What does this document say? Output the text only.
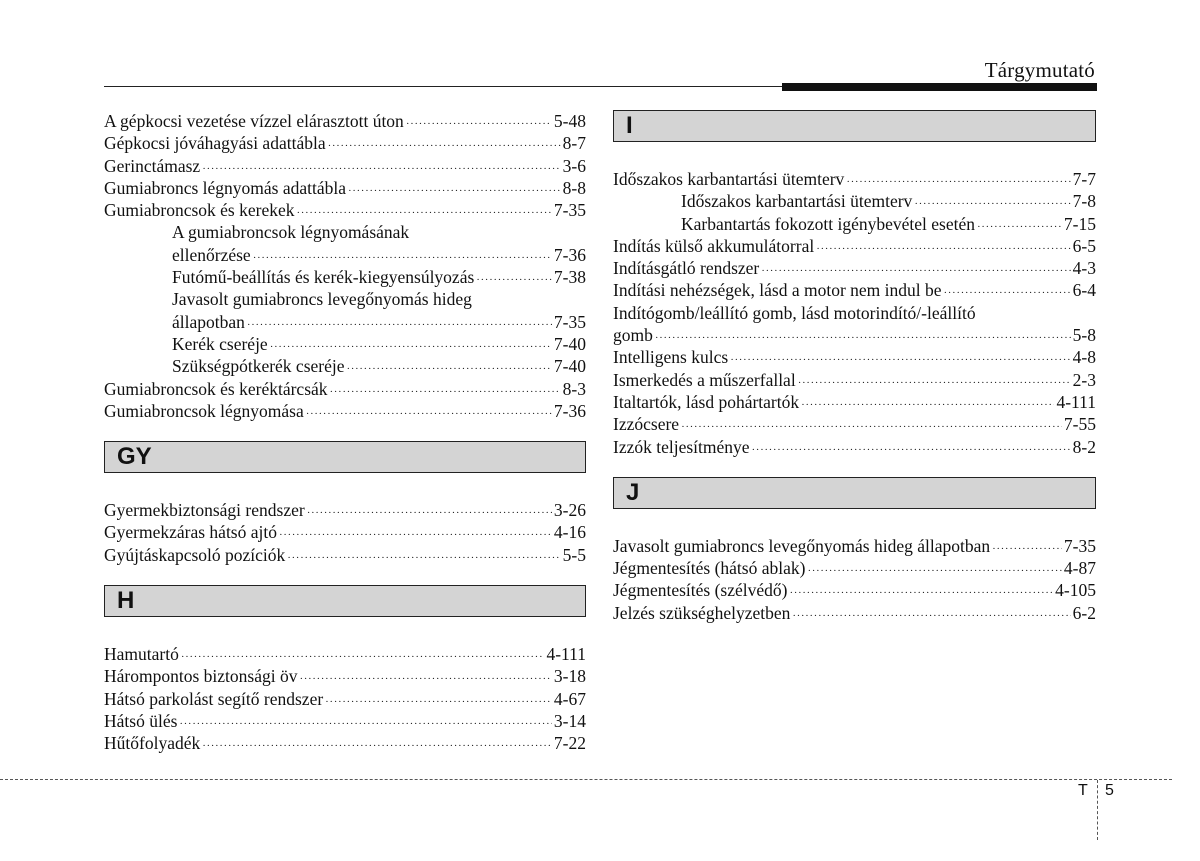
Tárgymutató
A gépkocsi vezetése vízzel elárasztott úton ·····	5-48
Gépkocsi jóváhagyási adattábla ·····	8-7
Gerinctámasz ·····	3-6
Gumiabroncs légnyomás adattábla ·····	8-8
Gumiabroncsok és kerekek ·····	7-35
A gumiabroncsok légnyomásának
ellenőrzése ·····	7-36
Futómű-beállítás és kerék-kiegyensúlyozás ·····	7-38
Javasolt gumiabroncs levegőnyomás hideg
állapotban ·····	7-35
Kerék cseréje ·····	7-40
Szükségpótkerék cseréje ·····	7-40
Gumiabroncsok és keréktárcsák ·····	8-3
Gumiabroncsok légnyomása ·····	7-36
GY
Gyermekbiztonsági rendszer ·····	3-26
Gyermekzáras hátsó ajtó ·····	4-16
Gyújtáskapcsoló pozíciók ·····	5-5
H
Hamutartó ·····	4-111
Hárompontos biztonsági öv ·····	3-18
Hátsó parkolást segítő rendszer ·····	4-67
Hátsó ülés ·····	3-14
Hűtőfolyadék ·····	7-22
I
Időszakos karbantartási ütemterv ·····	7-7
Időszakos karbantartási ütemterv ·····	7-8
Karbantartás fokozott igénybevétel esetén ·····	7-15
Indítás külső akkumulátorral ·····	6-5
Indításgátló rendszer ·····	4-3
Indítási nehézségek, lásd a motor nem indul be ·····	6-4
Indítógomb/leállító gomb, lásd motorindító/-leállító
gomb ·····	5-8
Intelligens kulcs ·····	4-8
Ismerkedés a műszerfallal ·····	2-3
Italtartók, lásd pohártartók ·····	4-111
Izzócsere ·····	7-55
Izzók teljesítménye ·····	8-2
J
Javasolt gumiabroncs levegőnyomás hideg állapotban ·····	7-35
Jégmentesítés (hátsó ablak) ·····	4-87
Jégmentesítés (szélvédő) ·····	4-105
Jelzés szükséghelyzetben ·····	6-2
T 5
